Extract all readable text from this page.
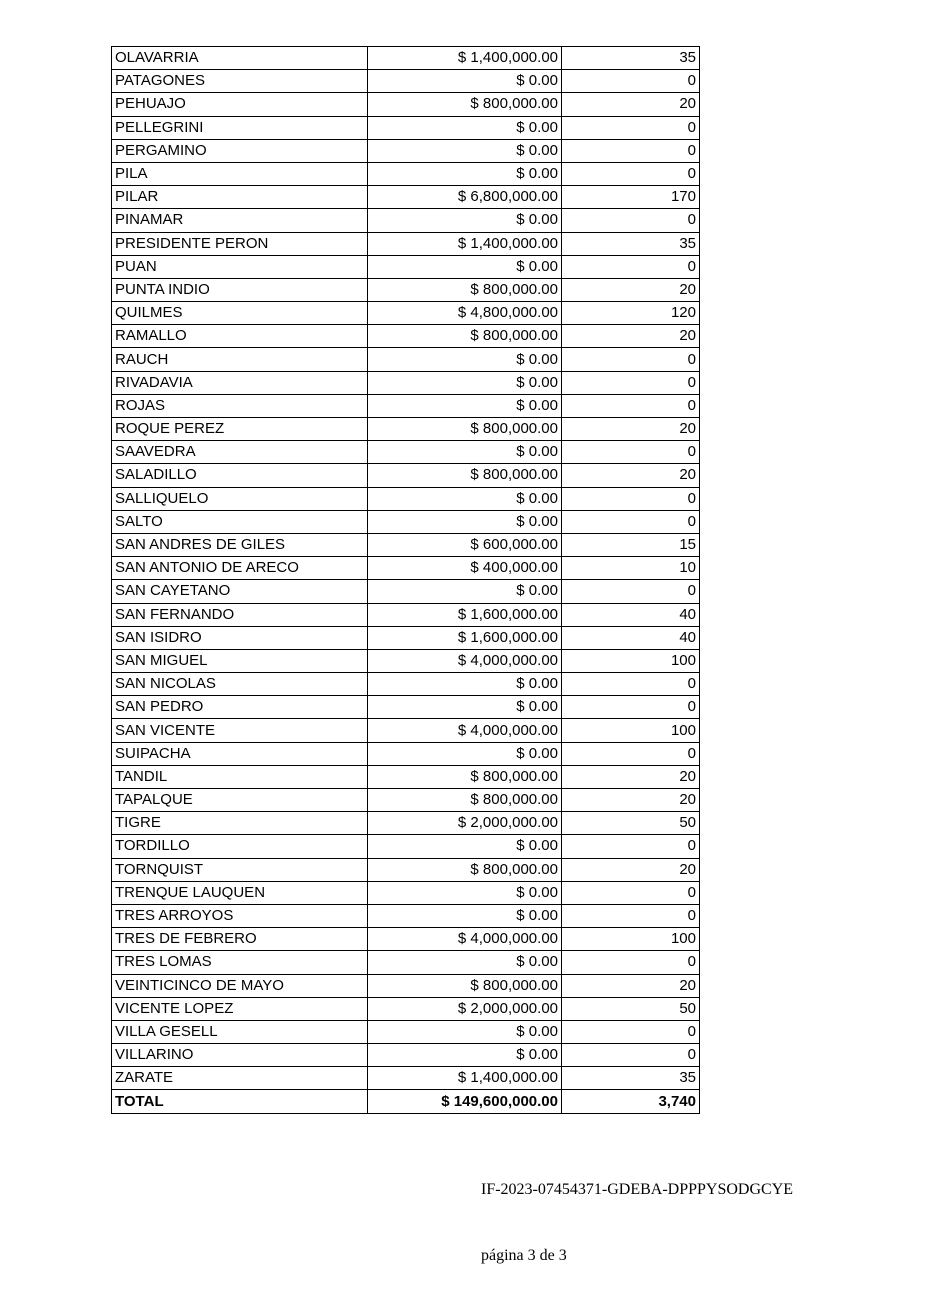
OLAVARRIA	$ 1,400,000.00	35
PATAGONES	$ 0.00	0
PEHUAJO	$ 800,000.00	20
PELLEGRINI	$ 0.00	0
PERGAMINO	$ 0.00	0
PILA	$ 0.00	0
PILAR	$ 6,800,000.00	170
PINAMAR	$ 0.00	0
PRESIDENTE PERON	$ 1,400,000.00	35
PUAN	$ 0.00	0
PUNTA INDIO	$ 800,000.00	20
QUILMES	$ 4,800,000.00	120
RAMALLO	$ 800,000.00	20
RAUCH	$ 0.00	0
RIVADAVIA	$ 0.00	0
ROJAS	$ 0.00	0
ROQUE PEREZ	$ 800,000.00	20
SAAVEDRA	$ 0.00	0
SALADILLO	$ 800,000.00	20
SALLIQUELO	$ 0.00	0
SALTO	$ 0.00	0
SAN ANDRES DE GILES	$ 600,000.00	15
SAN ANTONIO DE ARECO	$ 400,000.00	10
SAN CAYETANO	$ 0.00	0
SAN FERNANDO	$ 1,600,000.00	40
SAN ISIDRO	$ 1,600,000.00	40
SAN MIGUEL	$ 4,000,000.00	100
SAN NICOLAS	$ 0.00	0
SAN PEDRO	$ 0.00	0
SAN VICENTE	$ 4,000,000.00	100
SUIPACHA	$ 0.00	0
TANDIL	$ 800,000.00	20
TAPALQUE	$ 800,000.00	20
TIGRE	$ 2,000,000.00	50
TORDILLO	$ 0.00	0
TORNQUIST	$ 800,000.00	20
TRENQUE LAUQUEN	$ 0.00	0
TRES ARROYOS	$ 0.00	0
TRES DE FEBRERO	$ 4,000,000.00	100
TRES LOMAS	$ 0.00	0
VEINTICINCO DE MAYO	$ 800,000.00	20
VICENTE LOPEZ	$ 2,000,000.00	50
VILLA GESELL	$ 0.00	0
VILLARINO	$ 0.00	0
ZARATE	$ 1,400,000.00	35
TOTAL	$ 149,600,000.00	3,740
IF-2023-07454371-GDEBA-DPPPYSODGCYE
página 3 de 3
